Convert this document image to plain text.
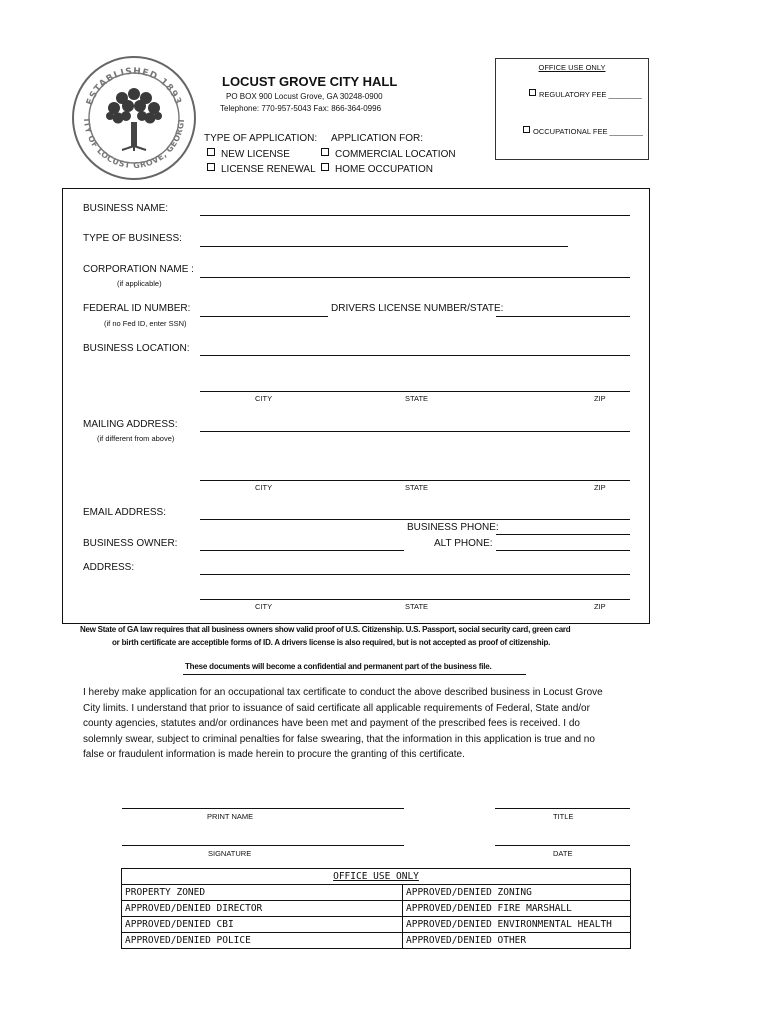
ESTABLISHED 1893
ITY OF LOCUST GROVE, GEORGI
LOCUST GROVE CITY HALL
PO BOX 900 Locust Grove, GA 30248-0900
Telephone: 770-957-5043 Fax: 866-364-0996
TYPE OF APPLICATION:
NEW LICENSE
LICENSE RENEWAL
APPLICATION FOR:
COMMERCIAL LOCATION
HOME OCCUPATION
OFFICE USE ONLY
REGULATORY FEE ________
OCCUPATIONAL FEE ________
BUSINESS NAME:
TYPE OF BUSINESS:
CORPORATION NAME :
(if applicable)
FEDERAL ID NUMBER:
(if no Fed ID, enter SSN)
DRIVERS LICENSE NUMBER/STATE:
BUSINESS LOCATION:
CITY	STATE	ZIP
MAILING ADDRESS:
(if different from above)
CITY	STATE	ZIP
EMAIL ADDRESS:
BUSINESS PHONE:
BUSINESS OWNER:	ALT PHONE:
ADDRESS:
CITY	STATE	ZIP
New State of GA law requires that all business owners show valid proof of U.S. Citizenship. U.S. Passport, social security card, green card
or birth certificate are acceptible forms of ID. A drivers license is also required, but is not accepted as proof of citizenship.
These documents will become a confidential and permanent part of the business file.
I hereby make application for an occupational tax certificate to conduct the above described business in Locust Grove
City limits. I understand that prior to issuance of said certificate all applicable requirements of Federal, State and/or
county agencies, statutes and/or ordinances have been met and payment of the prescribed fees is received. I do
solemnly swear, subject to criminal penalties for false swearing, that the information in this application is true and no
false or fraudulent information is made herein to procure the granting of this certificate.
PRINT NAME	TITLE
SIGNATURE	DATE
OFFICE USE ONLY	
PROPERTY ZONED	APPROVED/DENIED ZONING
APPROVED/DENIED DIRECTOR	APPROVED/DENIED FIRE MARSHALL
APPROVED/DENIED CBI	APPROVED/DENIED ENVIRONMENTAL HEALTH
APPROVED/DENIED POLICE	APPROVED/DENIED OTHER
